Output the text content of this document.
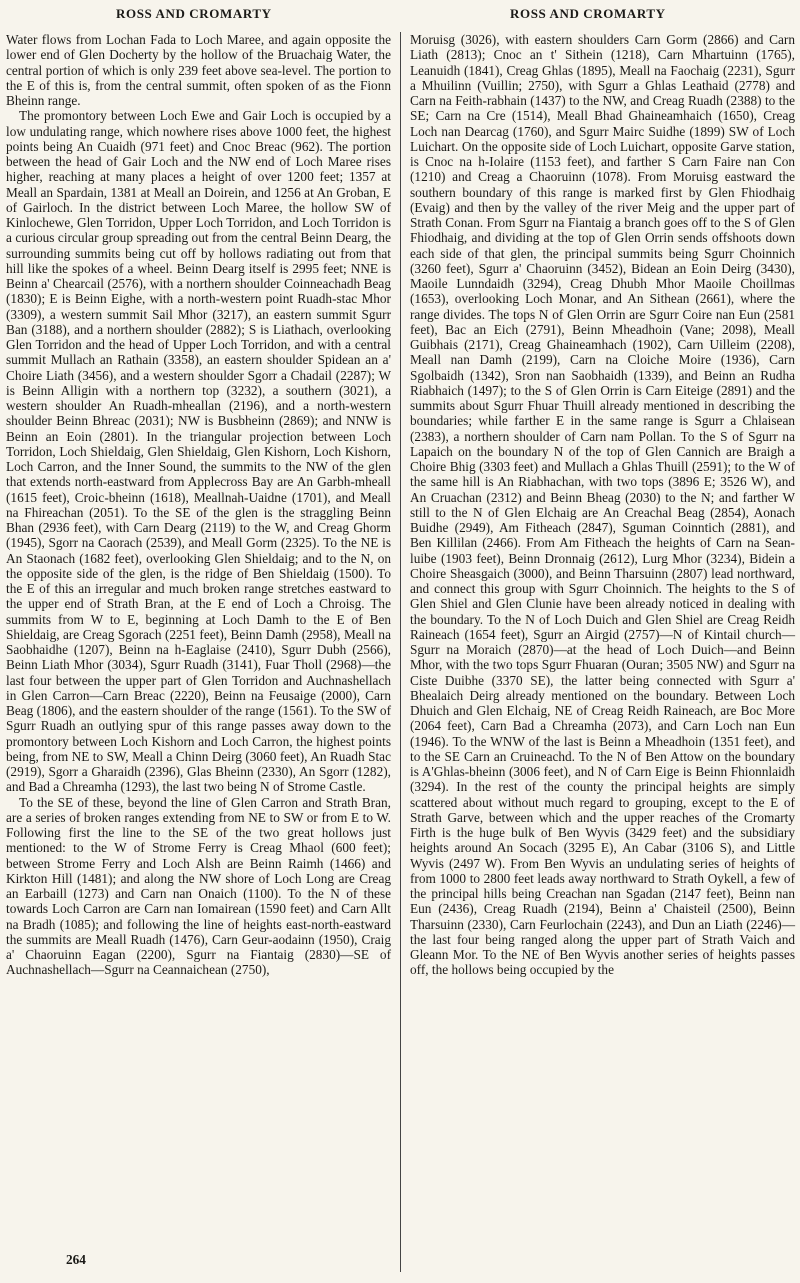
ROSS AND CROMARTY	ROSS AND CROMARTY

Water flows from Lochan Fada to Loch Maree, and again opposite the lower end of Glen Docherty by the hollow of the Bruachaig Water, the central portion of which is only 239 feet above sea-level. The portion to the E of this is, from the central summit, often spoken of as the Fionn Bheinn range.

The promontory between Loch Ewe and Gair Loch is occupied by a low undulating range, which nowhere rises above 1000 feet, the highest points being An Cuaidh (971 feet) and Cnoc Breac (962). The portion between the head of Gair Loch and the NW end of Loch Maree rises higher, reaching at many places a height of over 1200 feet; 1357 at Meall an Spardain, 1381 at Meall an Doirein, and 1256 at An Groban, E of Gairloch. In the district between Loch Maree, the hollow SW of Kinlochewe, Glen Torridon, Upper Loch Torridon, and Loch Torridon is a curious circular group spreading out from the central Beinn Dearg, the surrounding summits being cut off by hollows radiating out from that hill like the spokes of a wheel. Beinn Dearg itself is 2995 feet; NNE is Beinn a' Chearcail (2576), with a northern shoulder Coinneachadh Beag (1830); E is Beinn Eighe, with a north-western point Ruadh-stac Mhor (3309), a western summit Sail Mhor (3217), an eastern summit Sgurr Ban (3188), and a northern shoulder (2882); S is Liathach, overlooking Glen Torridon and the head of Upper Loch Torridon, and with a central summit Mullach an Rathain (3358), an eastern shoulder Spidean an a' Choire Liath (3456), and a western shoulder Sgorr a Chadail (2287); W is Beinn Alligin with a northern top (3232), a southern (3021), a western shoulder An Ruadh-mheallan (2196), and a north-western shoulder Beinn Bhreac (2031); NW is Busbheinn (2869); and NNW is Beinn an Eoin (2801). In the triangular projection between Loch Torridon, Loch Shieldaig, Glen Shieldaig, Glen Kishorn, Loch Kishorn, Loch Carron, and the Inner Sound, the summits to the NW of the glen that extends north-eastward from Applecross Bay are An Garbh-mheall (1615 feet), Croic-bheinn (1618), Meallnah-Uaidne (1701), and Meall na Fhireachan (2051). To the SE of the glen is the straggling Beinn Bhan (2936 feet), with Carn Dearg (2119) to the W, and Creag Ghorm (1945), Sgorr na Caorach (2539), and Meall Gorm (2325). To the NE is An Staonach (1682 feet), overlooking Glen Shieldaig; and to the N, on the opposite side of the glen, is the ridge of Ben Shieldaig (1500). To the E of this an irregular and much broken range stretches eastward to the upper end of Strath Bran, at the E end of Loch a Chroisg. The summits from W to E, beginning at Loch Damh to the E of Ben Shieldaig, are Creag Sgorach (2251 feet), Beinn Damh (2958), Meall na Saobhaidhe (1207), Beinn na h-Eaglaise (2410), Sgurr Dubh (2566), Beinn Liath Mhor (3034), Sgurr Ruadh (3141), Fuar Tholl (2968)—the last four between the upper part of Glen Torridon and Auchnashellach in Glen Carron—Carn Breac (2220), Beinn na Feusaige (2000), Carn Beag (1806), and the eastern shoulder of the range (1561). To the SW of Sgurr Ruadh an outlying spur of this range passes away down to the promontory between Loch Kishorn and Loch Carron, the highest points being, from NE to SW, Meall a Chinn Deirg (3060 feet), An Ruadh Stac (2919), Sgorr a Gharaidh (2396), Glas Bheinn (2330), An Sgorr (1282), and Bad a Chreamha (1293), the last two being N of Strome Castle.

To the SE of these, beyond the line of Glen Carron and Strath Bran, are a series of broken ranges extending from NE to SW or from E to W. Following first the line to the SE of the two great hollows just mentioned: to the W of Strome Ferry is Creag Mhaol (600 feet); between Strome Ferry and Loch Alsh are Beinn Raimh (1466) and Kirkton Hill (1481); and along the NW shore of Loch Long are Creag an Earbaill (1273) and Carn nan Onaich (1100). To the N of these towards Loch Carron are Carn nan Iomairean (1590 feet) and Carn Allt na Bradh (1085); and following the line of heights east-north-eastward the summits are Meall Ruadh (1476), Carn Geur-aodainn (1950), Craig a' Chaoruinn Eagan (2200), Sgurr na Fiantaig (2830)—SE of Auchnashellach—Sgurr na Ceannaichean (2750),

Moruisg (3026), with eastern shoulders Carn Gorm (2866) and Carn Liath (2813); Cnoc an t' Sithein (1218), Carn Mhartuinn (1765), Leanuidh (1841), Creag Ghlas (1895), Meall na Faochaig (2231), Sgurr a Mhuilinn (Vuillin; 2750), with Sgurr a Ghlas Leathaid (2778) and Carn na Feith-rabhain (1437) to the NW, and Creag Ruadh (2388) to the SE; Carn na Cre (1514), Meall Bhad Ghaineamhaich (1650), Creag Loch nan Dearcag (1760), and Sgurr Mairc Suidhe (1899) SW of Loch Luichart. On the opposite side of Loch Luichart, opposite Garve station, is Cnoc na h-Iolaire (1153 feet), and farther S Carn Faire nan Con (1210) and Creag a Chaoruinn (1078). From Moruisg eastward the southern boundary of this range is marked first by Glen Fhiodhaig (Evaig) and then by the valley of the river Meig and the upper part of Strath Conan. From Sgurr na Fiantaig a branch goes off to the S of Glen Fhiodhaig, and dividing at the top of Glen Orrin sends offshoots down each side of that glen, the principal summits being Sgurr Choinnich (3260 feet), Sgurr a' Chaoruinn (3452), Bidean an Eoin Deirg (3430), Maoile Lunndaidh (3294), Creag Dhubh Mhor Maoile Choillmas (1653), overlooking Loch Monar, and An Sithean (2661), where the range divides. The tops N of Glen Orrin are Sgurr Coire nan Eun (2581 feet), Bac an Eich (2791), Beinn Mheadhoin (Vane; 2098), Meall Guibhais (2171), Creag Ghaineamhach (1902), Carn Uilleim (2208), Meall nan Damh (2199), Carn na Cloiche Moire (1936), Carn Sgolbaidh (1342), Sron nan Saobhaidh (1339), and Beinn an Rudha Riabhaich (1497); to the S of Glen Orrin is Carn Eiteige (2891) and the summits about Sgurr Fhuar Thuill already mentioned in describing the boundaries; while farther E in the same range is Sgurr a Chlaisean (2383), a northern shoulder of Carn nam Pollan. To the S of Sgurr na Lapaich on the boundary N of the top of Glen Cannich are Braigh a Choire Bhig (3303 feet) and Mullach a Ghlas Thuill (2591); to the W of the same hill is An Riabhachan, with two tops (3896 E; 3526 W), and An Cruachan (2312) and Beinn Bheag (2030) to the N; and farther W still to the N of Glen Elchaig are An Creachal Beag (2854), Aonach Buidhe (2949), Am Fitheach (2847), Sguman Coinntich (2881), and Ben Killilan (2466). From Am Fitheach the heights of Carn na Sean-luibe (1903 feet), Beinn Dronnaig (2612), Lurg Mhor (3234), Bidein a Choire Sheasgaich (3000), and Beinn Tharsuinn (2807) lead northward, and connect this group with Sgurr Choinnich. The heights to the S of Glen Shiel and Glen Clunie have been already noticed in dealing with the boundary. To the N of Loch Duich and Glen Shiel are Creag Reidh Raineach (1654 feet), Sgurr an Airgid (2757)—N of Kintail church—Sgurr na Moraich (2870)—at the head of Loch Duich—and Beinn Mhor, with the two tops Sgurr Fhuaran (Ouran; 3505 NW) and Sgurr na Ciste Duibhe (3370 SE), the latter being connected with Sgurr a' Bhealaich Deirg already mentioned on the boundary. Between Loch Dhuich and Glen Elchaig, NE of Creag Reidh Raineach, are Boc More (2064 feet), Carn Bad a Chreamha (2073), and Carn Loch nan Eun (1946). To the WNW of the last is Beinn a Mheadhoin (1351 feet), and to the SE Carn an Cruineachd. To the N of Ben Attow on the boundary is A'Ghlas-bheinn (3006 feet), and N of Carn Eige is Beinn Fhionnlaidh (3294). In the rest of the county the principal heights are simply scattered about without much regard to grouping, except to the E of Strath Garve, between which and the upper reaches of the Cromarty Firth is the huge bulk of Ben Wyvis (3429 feet) and the subsidiary heights around An Socach (3295 E), An Cabar (3106 S), and Little Wyvis (2497 W). From Ben Wyvis an undulating series of heights of from 1000 to 2800 feet leads away northward to Strath Oykell, a few of the principal hills being Creachan nan Sgadan (2147 feet), Beinn nan Eun (2436), Creag Ruadh (2194), Beinn a' Chaisteil (2500), Beinn Tharsuinn (2330), Carn Feurlochain (2243), and Dun an Liath (2246)—the last four being ranged along the upper part of Strath Vaich and Gleann Mor. To the NE of Ben Wyvis another series of heights passes off, the hollows being occupied by the

264
